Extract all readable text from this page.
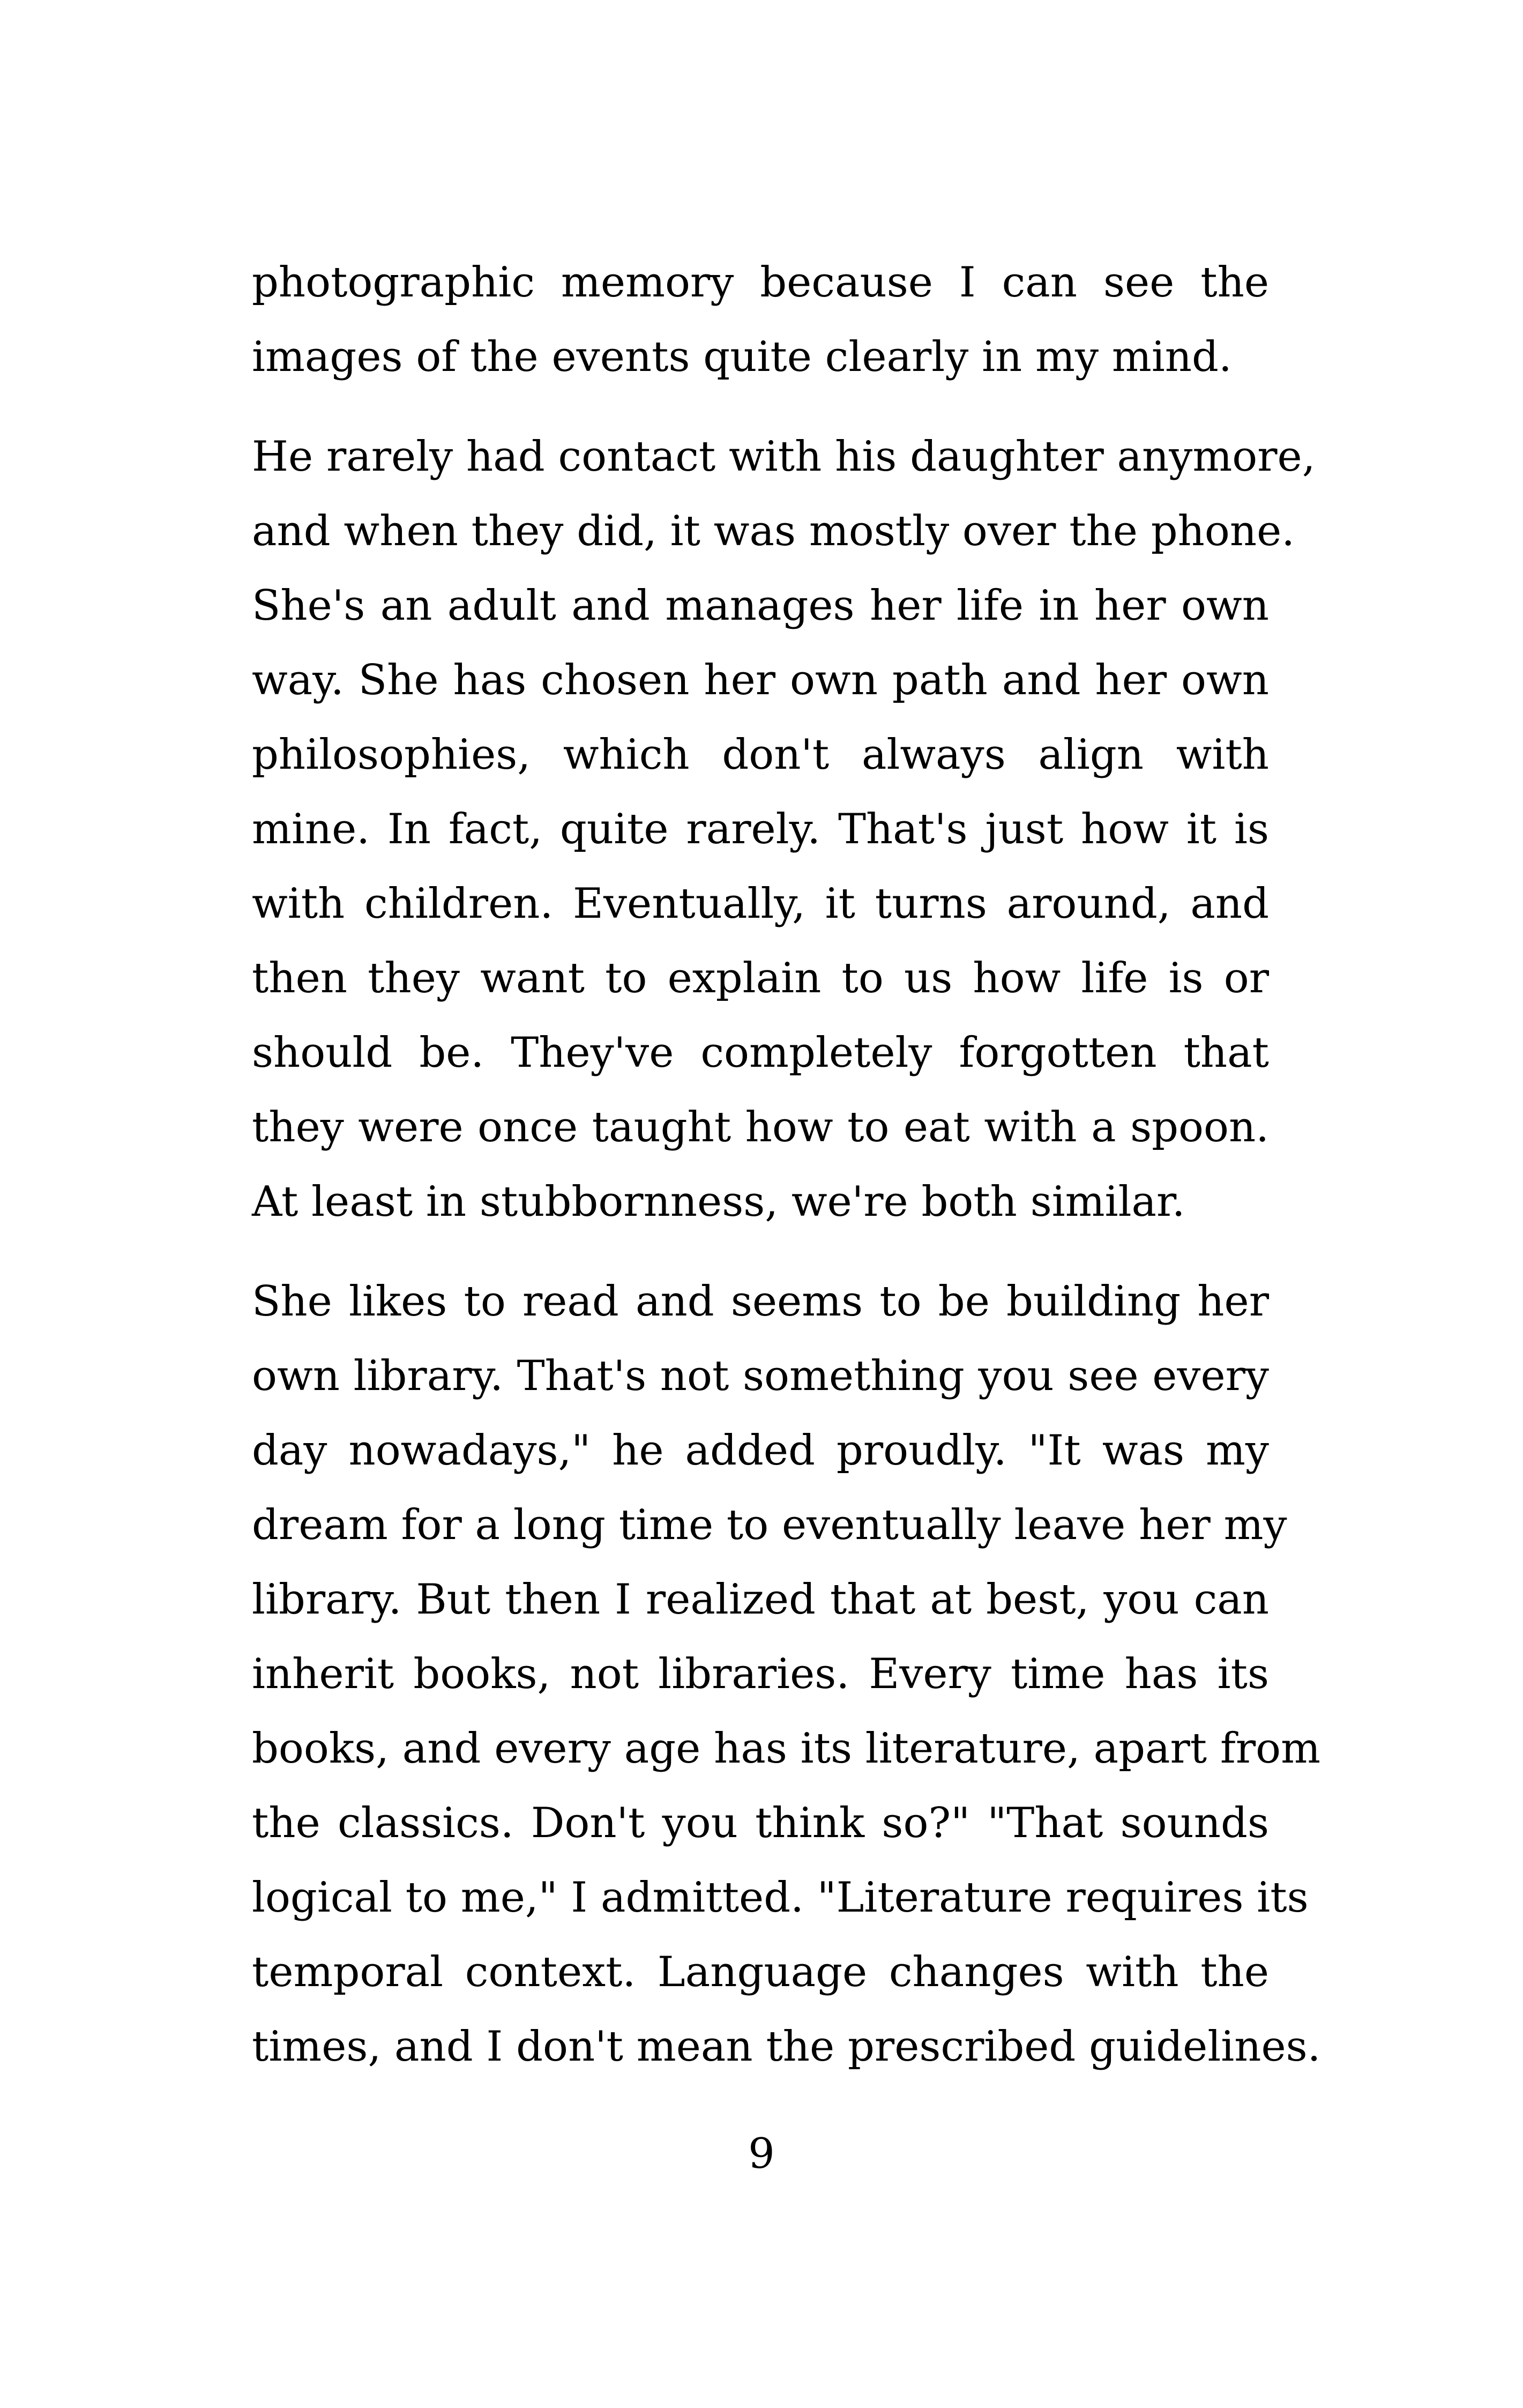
photographic memory because I can see the
images of the events quite clearly in my mind.
He rarely had contact with his daughter anymore,
and when they did, it was mostly over the phone.
She's an adult and manages her life in her own
way. She has chosen her own path and her own
philosophies, which don't always align with
mine. In fact, quite rarely. That's just how it is
with children. Eventually, it turns around, and
then they want to explain to us how life is or
should be. They've completely forgotten that
they were once taught how to eat with a spoon.
At least in stubbornness, we're both similar.
She likes to read and seems to be building her
own library. That's not something you see every
day nowadays," he added proudly. "It was my
dream for a long time to eventually leave her my
library. But then I realized that at best, you can
inherit books, not libraries. Every time has its
books, and every age has its literature, apart from
the classics. Don't you think so?" "That sounds
logical to me," I admitted. "Literature requires its
temporal context. Language changes with the
times, and I don't mean the prescribed guidelines.
9
